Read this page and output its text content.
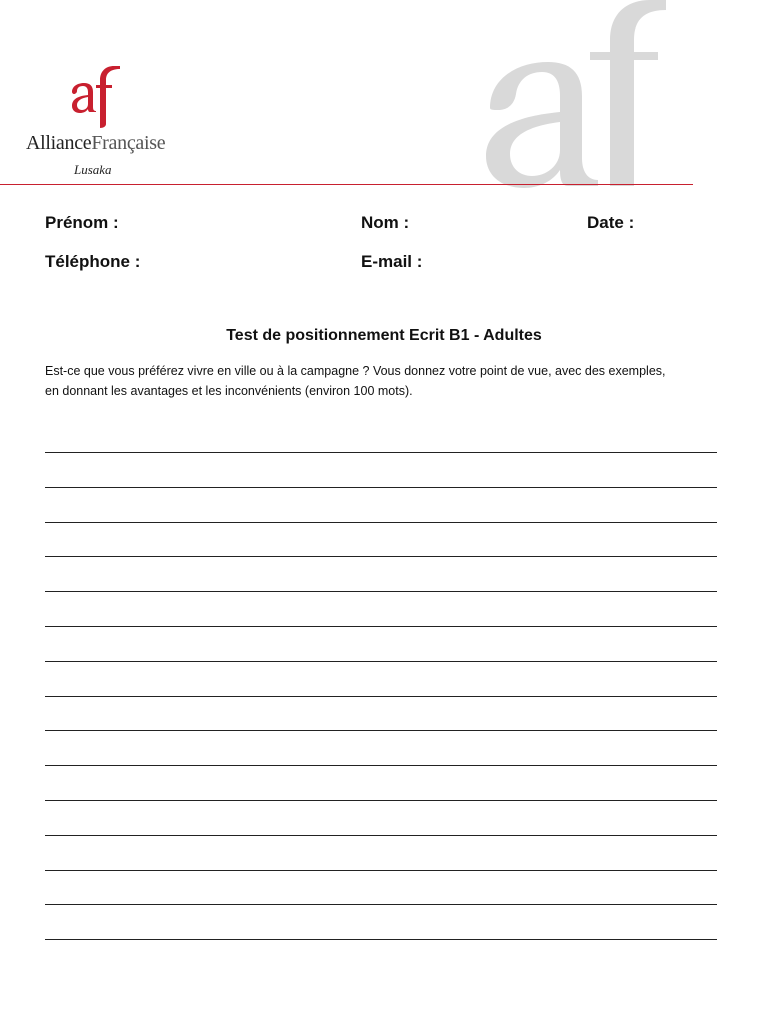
AllianceFrançaise
Lusaka
Prénom :	Nom :	Date :
Téléphone :	E-mail :
Test de positionnement Ecrit B1 - Adultes
Est-ce que vous préférez vivre en ville ou à la campagne ? Vous donnez votre point de vue, avec des exemples,
en donnant les avantages et les inconvénients (environ 100 mots).
